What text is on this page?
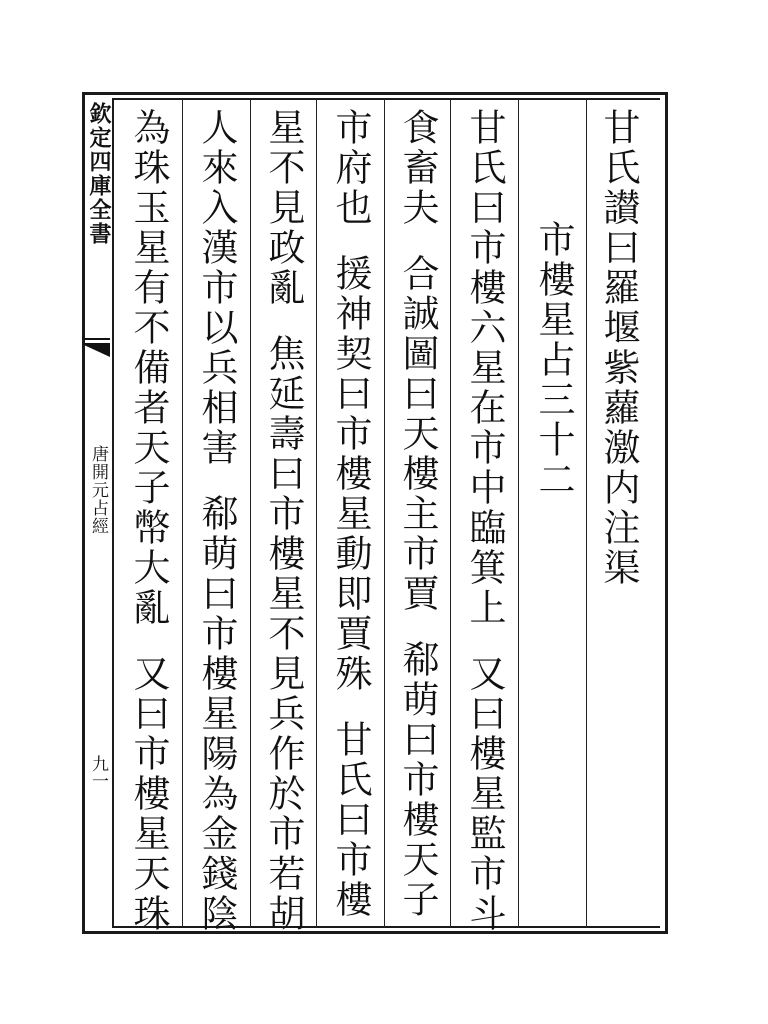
欽定四庫全書
唐開元占經
九一
甘氏讃曰羅堰紫蘿激内注渠
市樓星占三十二
甘氏曰市樓六星在市中臨箕上又曰樓星監市斗
食畜夫合誠圖曰天樓主市賈郗萌曰市樓天子
市府也援神契曰市樓星動即賈殊甘氏曰市樓
星不見政亂焦延壽曰市樓星不見兵作於市若胡
人來入漢市以兵相害郗萌曰市樓星陽為金錢陰
為珠玉星有不備者天子幣大亂又曰市樓星天珠
